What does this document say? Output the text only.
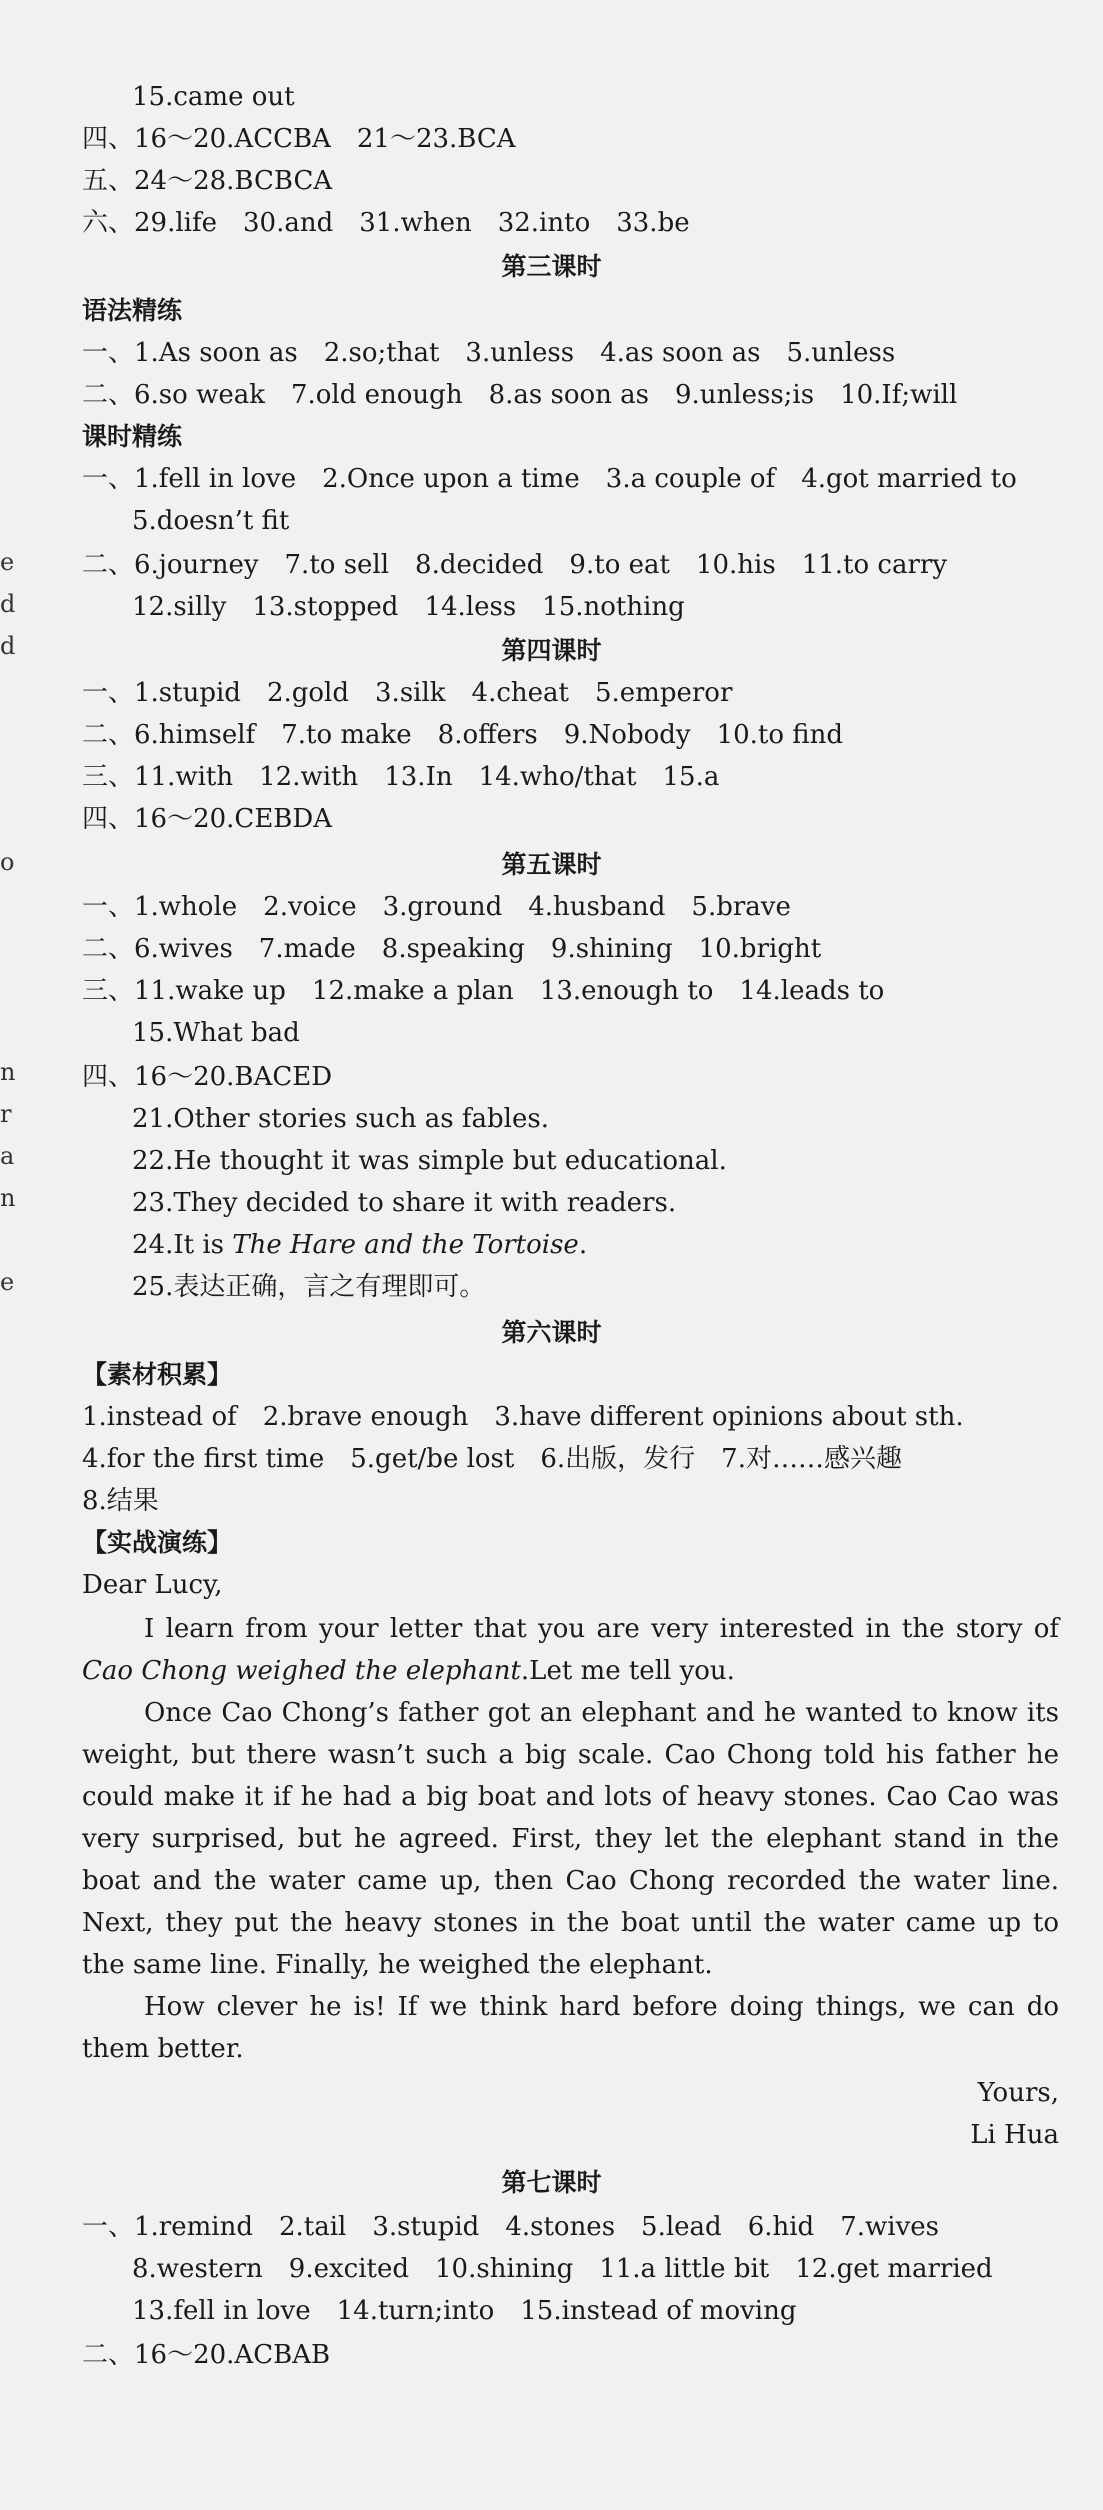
15.came out
四、16～20.ACCBA　21～23.BCA
五、24～28.BCBCA
六、29.life　30.and　31.when　32.into　33.be
第三课时
语法精练
一、1.As soon as　2.so;that　3.unless　4.as soon as　5.unless
二、6.so weak　7.old enough　8.as soon as　9.unless;is　10.If;will
课时精练
一、1.fell in love　2.Once upon a time　3.a couple of　4.got married to
5.doesn’t fit
二、6.journey　7.to sell　8.decided　9.to eat　10.his　11.to carry
12.silly　13.stopped　14.less　15.nothing
第四课时
一、1.stupid　2.gold　3.silk　4.cheat　5.emperor
二、6.himself　7.to make　8.offers　9.Nobody　10.to find
三、11.with　12.with　13.In　14.who/that　15.a
四、16～20.CEBDA
第五课时
一、1.whole　2.voice　3.ground　4.husband　5.brave
二、6.wives　7.made　8.speaking　9.shining　10.bright
三、11.wake up　12.make a plan　13.enough to　14.leads to
15.What bad
四、16～20.BACED
21.Other stories such as fables.
22.He thought it was simple but educational.
23.They decided to share it with readers.
24.It is The Hare and the Tortoise.
25.表达正确，言之有理即可。
第六课时
【素材积累】
1.instead of　2.brave enough　3.have different opinions about sth.
4.for the first time　5.get/be lost　6.出版，发行　7.对……感兴趣
8.结果
【实战演练】
Dear Lucy,
I learn from your letter that you are very interested in the story of Cao Chong weighed the elephant.Let me tell you.
Once Cao Chong’s father got an elephant and he wanted to know its weight, but there wasn’t such a big scale. Cao Chong told his father he could make it if he had a big boat and lots of heavy stones. Cao Cao was very surprised, but he agreed. First, they let the elephant stand in the boat and the water came up, then Cao Chong recorded the water line. Next, they put the heavy stones in the boat until the water came up to the same line. Finally, he weighed the elephant.
How clever he is! If we think hard before doing things, we can do them better.
Yours,
Li Hua
第七课时
一、1.remind　2.tail　3.stupid　4.stones　5.lead　6.hid　7.wives
8.western　9.excited　10.shining　11.a little bit　12.get married
13.fell in love　14.turn;into　15.instead of moving
二、16～20.ACBAB
e
d
d
o
n
r
a
n
e
